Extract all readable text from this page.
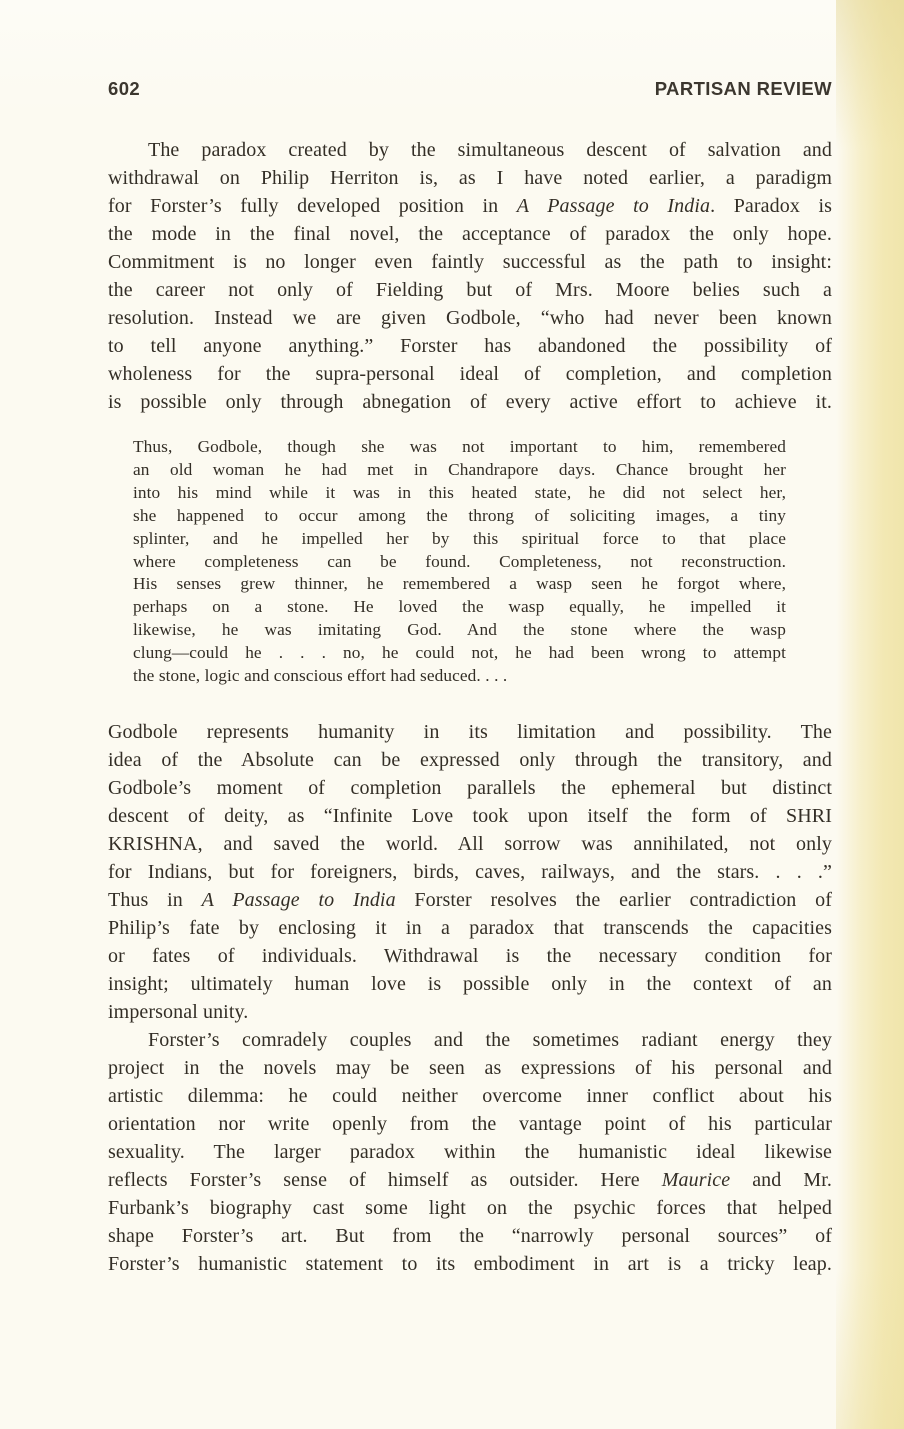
602	PARTISAN REVIEW
The paradox created by the simultaneous descent of salvation and
withdrawal on Philip Herriton is, as I have noted earlier, a paradigm
for Forster’s fully developed position in A Passage to India. Paradox is
the mode in the final novel, the acceptance of paradox the only hope.
Commitment is no longer even faintly successful as the path to insight:
the career not only of Fielding but of Mrs. Moore belies such a
resolution. Instead we are given Godbole, “who had never been known
to tell anyone anything.” Forster has abandoned the possibility of
wholeness for the supra-personal ideal of completion, and completion
is possible only through abnegation of every active effort to achieve it.
Thus, Godbole, though she was not important to him, remembered
an old woman he had met in Chandrapore days. Chance brought her
into his mind while it was in this heated state, he did not select her,
she happened to occur among the throng of soliciting images, a tiny
splinter, and he impelled her by this spiritual force to that place
where completeness can be found. Completeness, not reconstruction.
His senses grew thinner, he remembered a wasp seen he forgot where,
perhaps on a stone. He loved the wasp equally, he impelled it
likewise, he was imitating God. And the stone where the wasp
clung—could he . . . no, he could not, he had been wrong to attempt
the stone, logic and conscious effort had seduced. . . .
Godbole represents humanity in its limitation and possibility. The
idea of the Absolute can be expressed only through the transitory, and
Godbole’s moment of completion parallels the ephemeral but distinct
descent of deity, as “Infinite Love took upon itself the form of SHRI
KRISHNA, and saved the world. All sorrow was annihilated, not only
for Indians, but for foreigners, birds, caves, railways, and the stars. . . .”
Thus in A Passage to India Forster resolves the earlier contradiction of
Philip’s fate by enclosing it in a paradox that transcends the capacities
or fates of individuals. Withdrawal is the necessary condition for
insight; ultimately human love is possible only in the context of an
impersonal unity.
Forster’s comradely couples and the sometimes radiant energy they
project in the novels may be seen as expressions of his personal and
artistic dilemma: he could neither overcome inner conflict about his
orientation nor write openly from the vantage point of his particular
sexuality. The larger paradox within the humanistic ideal likewise
reflects Forster’s sense of himself as outsider. Here Maurice and Mr.
Furbank’s biography cast some light on the psychic forces that helped
shape Forster’s art. But from the “narrowly personal sources” of
Forster’s humanistic statement to its embodiment in art is a tricky leap.
